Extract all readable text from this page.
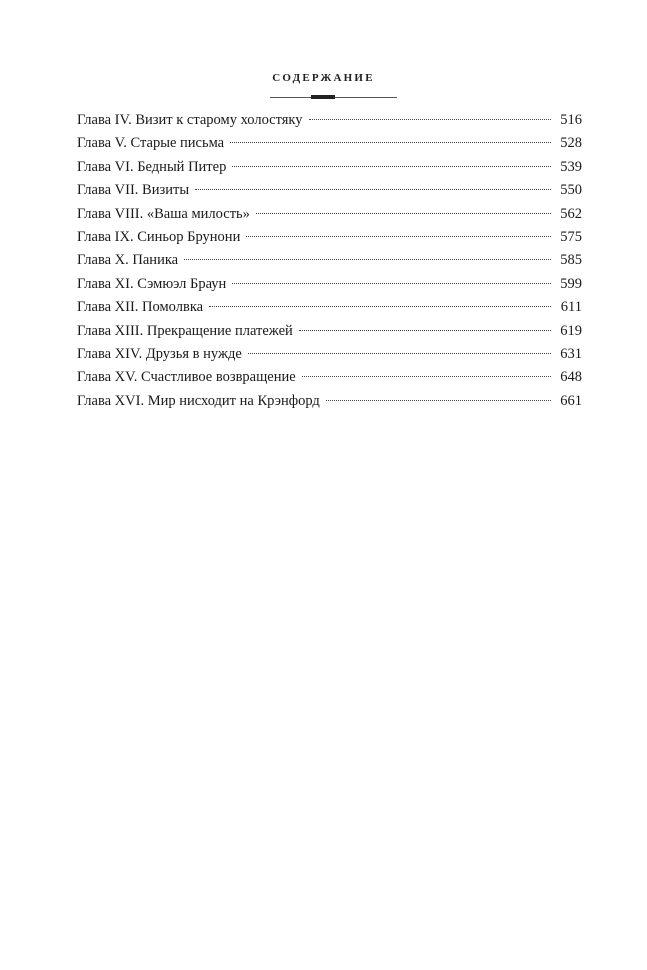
СОДЕРЖАНИЕ
Глава IV. Визит к старому холостяку	516
Глава V. Старые письма	528
Глава VI. Бедный Питер	539
Глава VII. Визиты	550
Глава VIII. «Ваша милость»	562
Глава IX. Синьор Брунони	575
Глава X. Паника	585
Глава XI. Сэмюэл Браун	599
Глава XII. Помолвка	611
Глава XIII. Прекращение платежей	619
Глава XIV. Друзья в нужде	631
Глава XV. Счастливое возвращение	648
Глава XVI. Мир нисходит на Крэнфорд	661
